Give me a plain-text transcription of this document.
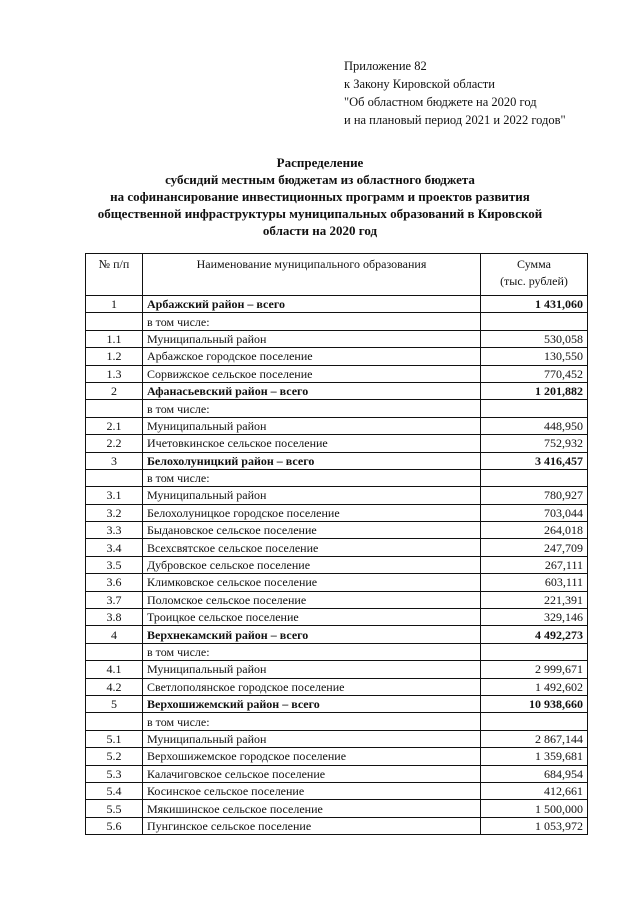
Приложение 82
к Закону Кировской области
"Об областном бюджете на 2020 год
и на плановый период 2021 и 2022 годов"
Распределение
субсидий местным бюджетам из областного бюджета
на софинансирование инвестиционных программ и проектов развития
общественной инфраструктуры муниципальных образований в Кировской
области на 2020 год
№ п/п	Наименование муниципального образования	Сумма
(тыс. рублей)

1	Арбажский район – всего	1 431,060
	в том числе:	
1.1	Муниципальный район	530,058
1.2	Арбажское городское поселение	130,550
1.3	Сорвижское сельское поселение	770,452
2	Афанасьевский район – всего	1 201,882
	в том числе:	
2.1	Муниципальный район	448,950
2.2	Ичетовкинское сельское поселение	752,932
3	Белохолуницкий район – всего	3 416,457
	в том числе:	
3.1	Муниципальный район	780,927
3.2	Белохолуницкое городское поселение	703,044
3.3	Быдановское сельское поселение	264,018
3.4	Всехсвятское сельское поселение	247,709
3.5	Дубровское сельское поселение	267,111
3.6	Климковское сельское поселение	603,111
3.7	Поломское сельское поселение	221,391
3.8	Троицкое сельское поселение	329,146
4	Верхнекамский район – всего	4 492,273
	в том числе:	
4.1	Муниципальный район	2 999,671
4.2	Светлополянское городское поселение	1 492,602
5	Верхошижемский район – всего	10 938,660
	в том числе:	
5.1	Муниципальный район	2 867,144
5.2	Верхошижемское городское поселение	1 359,681
5.3	Калачиговское сельское поселение	684,954
5.4	Косинское сельское поселение	412,661
5.5	Мякишинское сельское поселение	1 500,000
5.6	Пунгинское сельское поселение	1 053,972
